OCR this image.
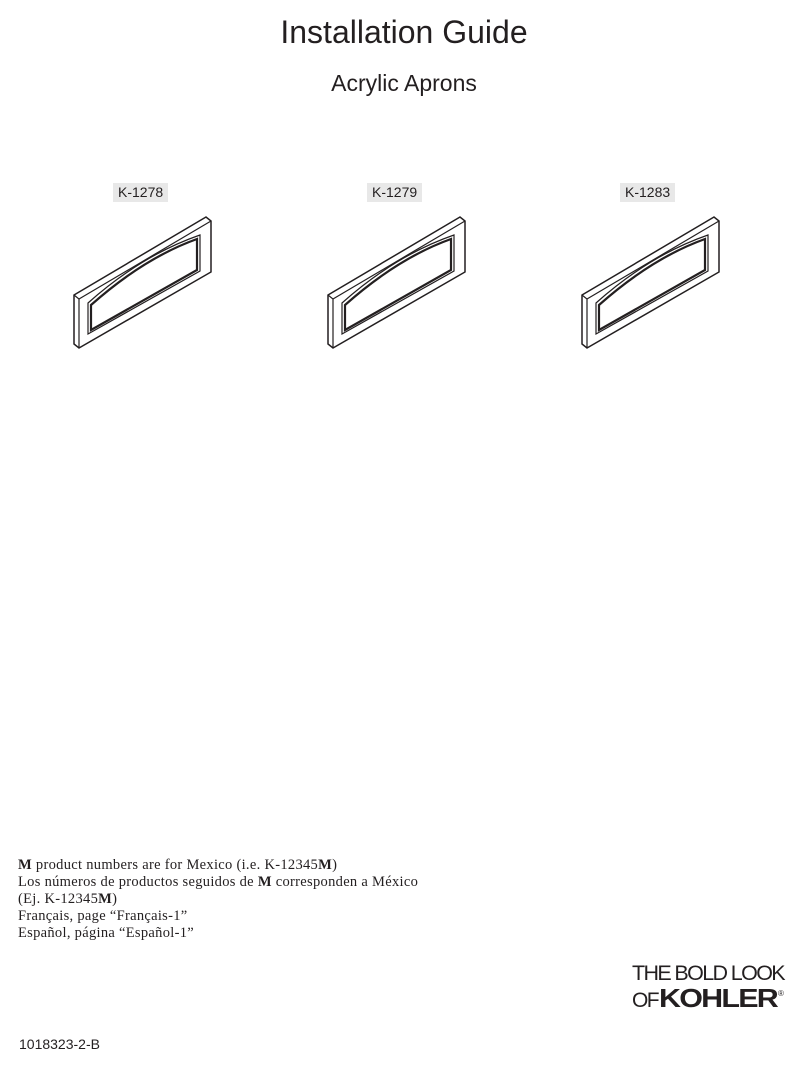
Installation Guide
Acrylic Aprons
K-1278	K-1279	K-1283
M product numbers are for Mexico (i.e. K-12345M)
Los números de productos seguidos de M corresponden a México
(Ej. K-12345M)
Français, page “Français-1”
Español, página “Español-1”
THE BOLD LOOK
OF KOHLER
®
1018323-2-B
